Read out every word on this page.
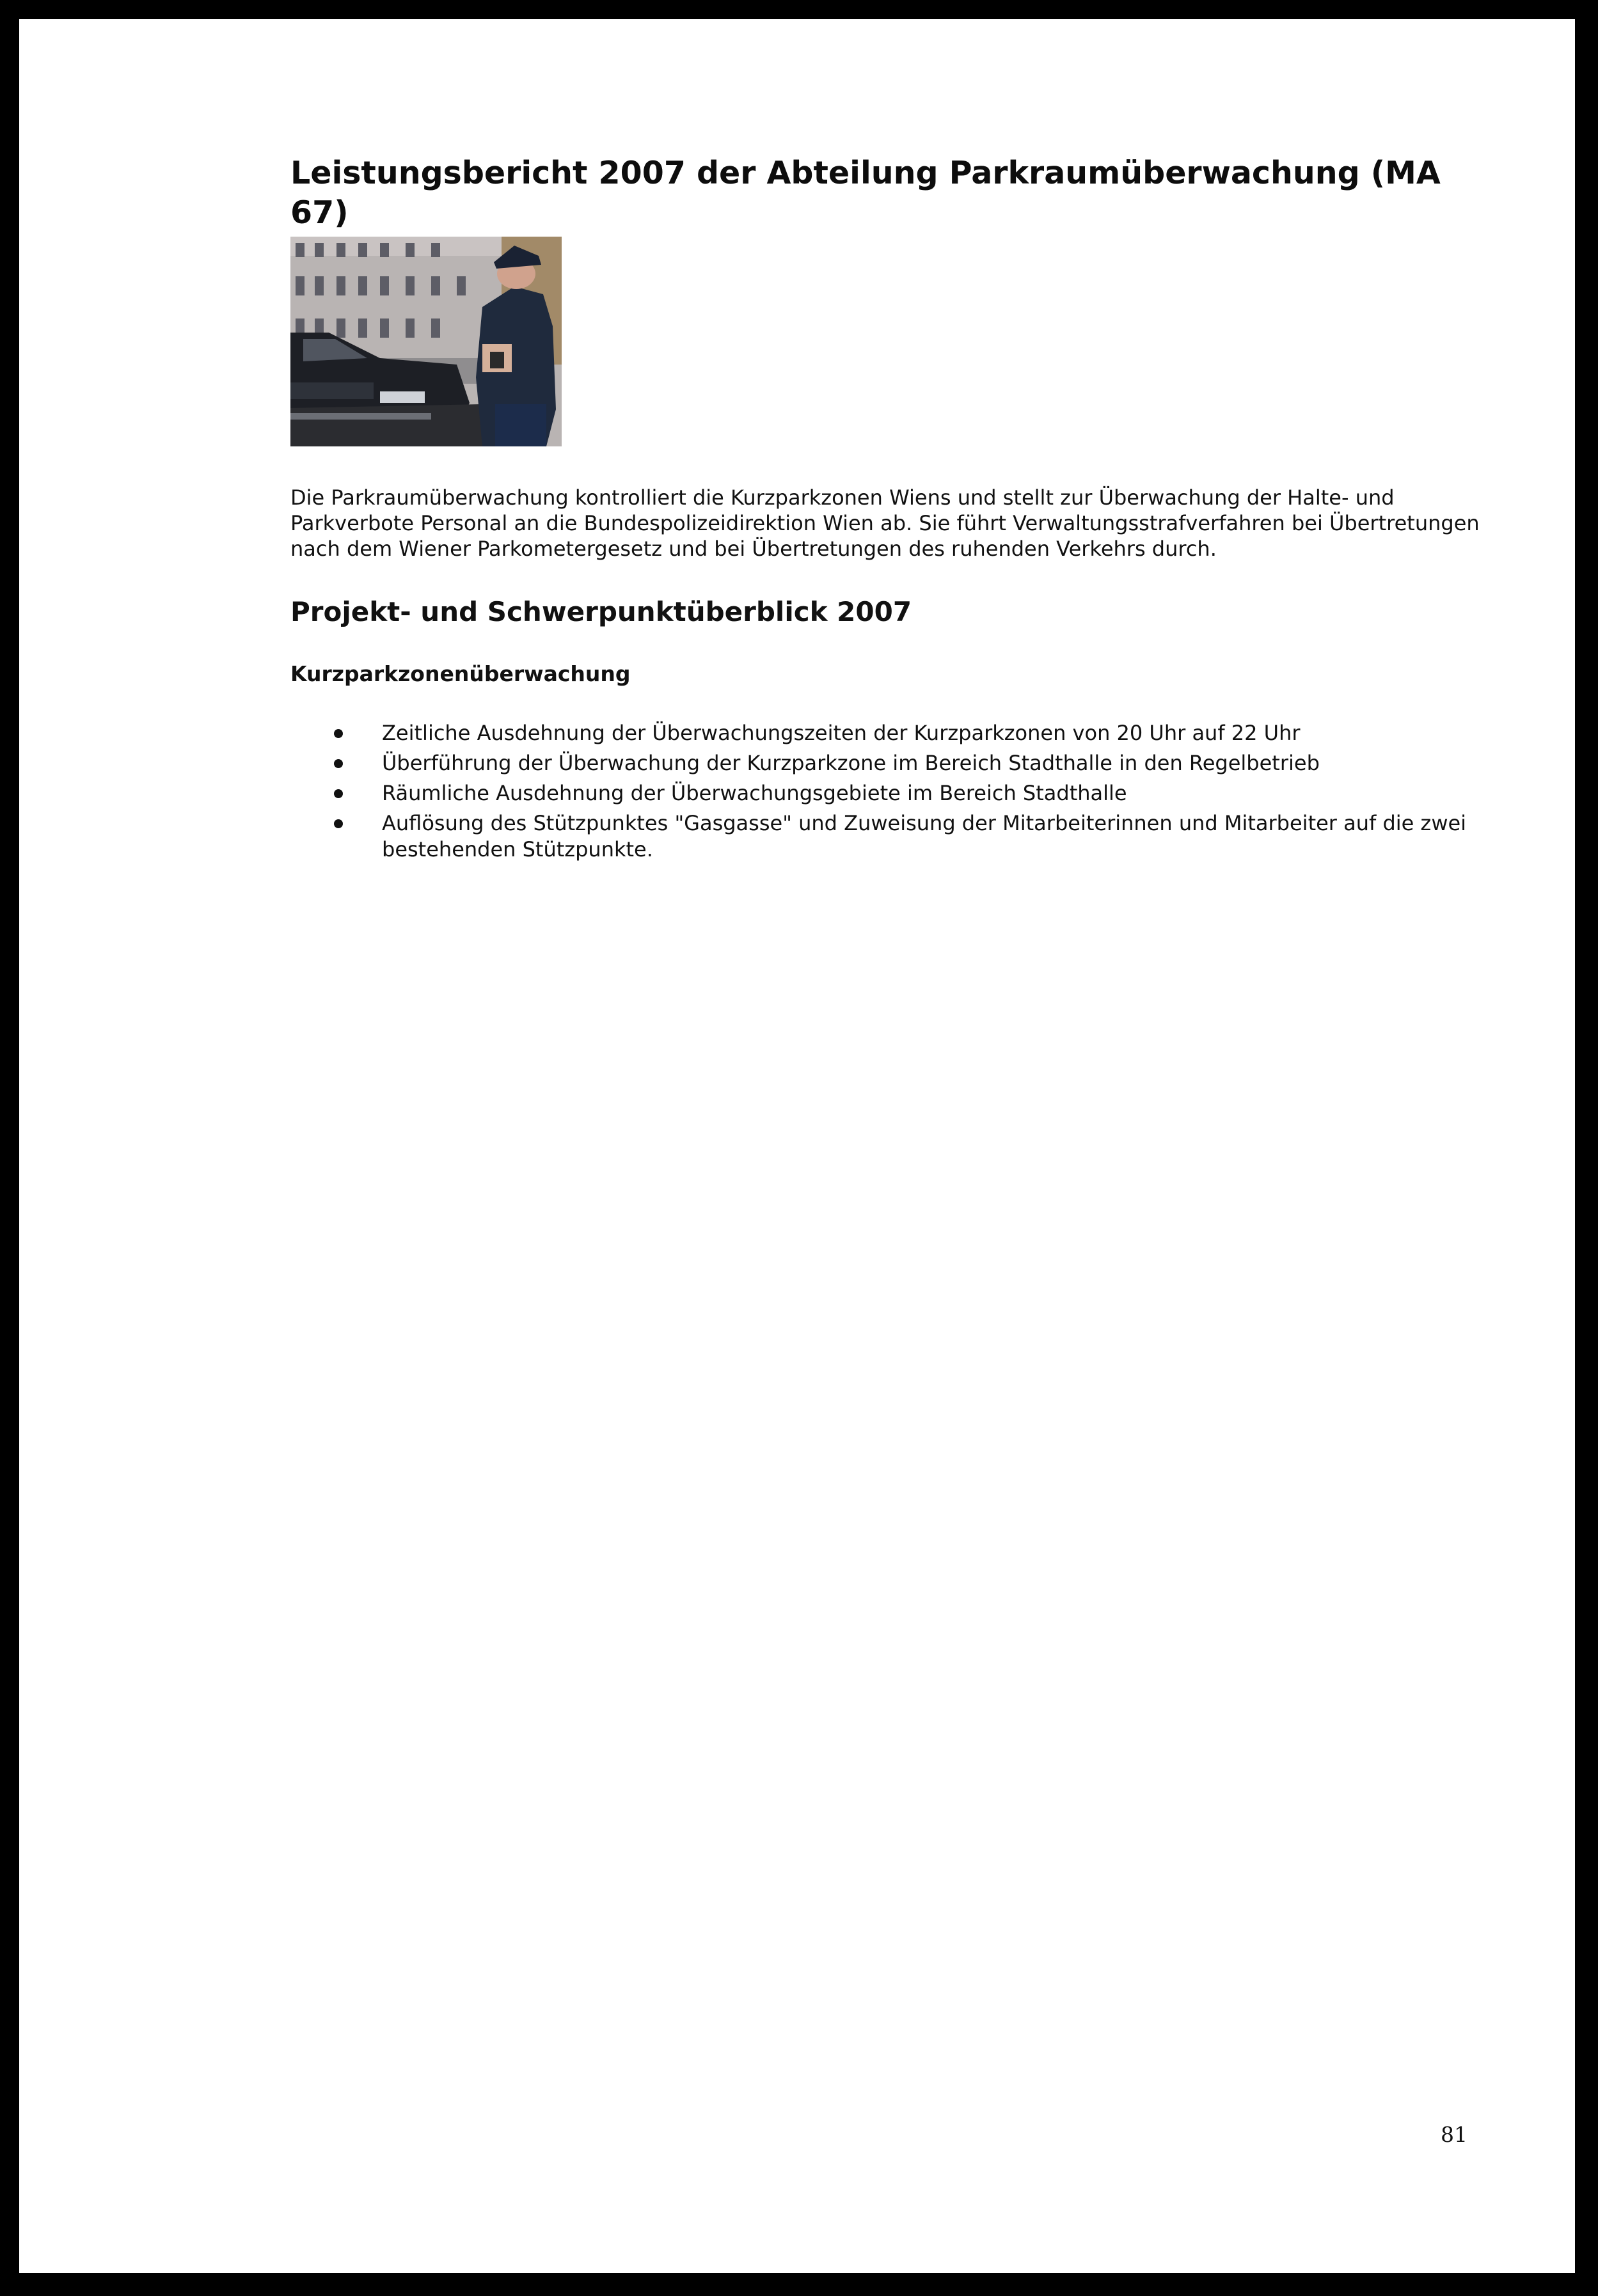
Leistungsbericht 2007 der Abteilung Parkraumüberwachung (MA 67)

Die Parkraumüberwachung kontrolliert die Kurzparkzonen Wiens und stellt zur Überwachung der Halte- und Parkverbote Personal an die Bundespolizeidirektion Wien ab. Sie führt Verwaltungsstrafverfahren bei Übertretungen nach dem Wiener Parkometergesetz und bei Übertretungen des ruhenden Verkehrs durch.

Projekt- und Schwerpunktüberblick 2007
Kurzparkzonenüberwachung
Zeitliche Ausdehnung der Überwachungszeiten der Kurzparkzonen von 20 Uhr auf 22 Uhr
Überführung der Überwachung der Kurzparkzone im Bereich Stadthalle in den Regelbetrieb
Räumliche Ausdehnung der Überwachungsgebiete im Bereich Stadthalle
Auflösung des Stützpunktes "Gasgasse" und Zuweisung der Mitarbeiterinnen und Mitarbeiter auf die zwei bestehenden Stützpunkte.
81
